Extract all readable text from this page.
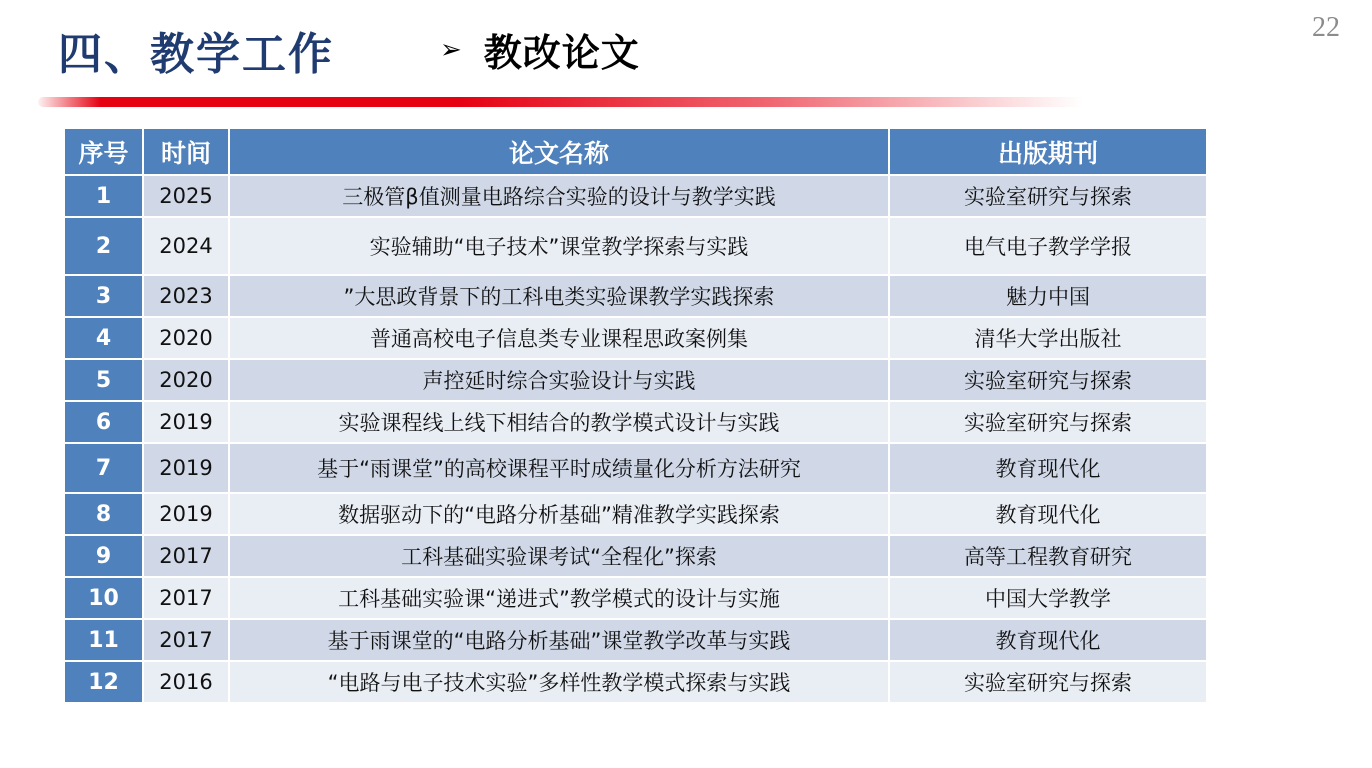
四、教学工作	➢ 教改论文
22
序号	时间	论文名称	出版期刊
1	2025	三极管β值测量电路综合实验的设计与教学实践	实验室研究与探索
2	2024	实验辅助“电子技术”课堂教学探索与实践	电气电子教学学报
3	2023	”大思政背景下的工科电类实验课教学实践探索	魅力中国
4	2020	普通高校电子信息类专业课程思政案例集	清华大学出版社
5	2020	声控延时综合实验设计与实践	实验室研究与探索
6	2019	实验课程线上线下相结合的教学模式设计与实践	实验室研究与探索
7	2019	基于“雨课堂”的高校课程平时成绩量化分析方法研究	教育现代化
8	2019	数据驱动下的“电路分析基础”精准教学实践探索	教育现代化
9	2017	工科基础实验课考试“全程化”探索	高等工程教育研究
10	2017	工科基础实验课“递进式”教学模式的设计与实施	中国大学教学
11	2017	基于雨课堂的“电路分析基础”课堂教学改革与实践	教育现代化
12	2016	“电路与电子技术实验”多样性教学模式探索与实践	实验室研究与探索
